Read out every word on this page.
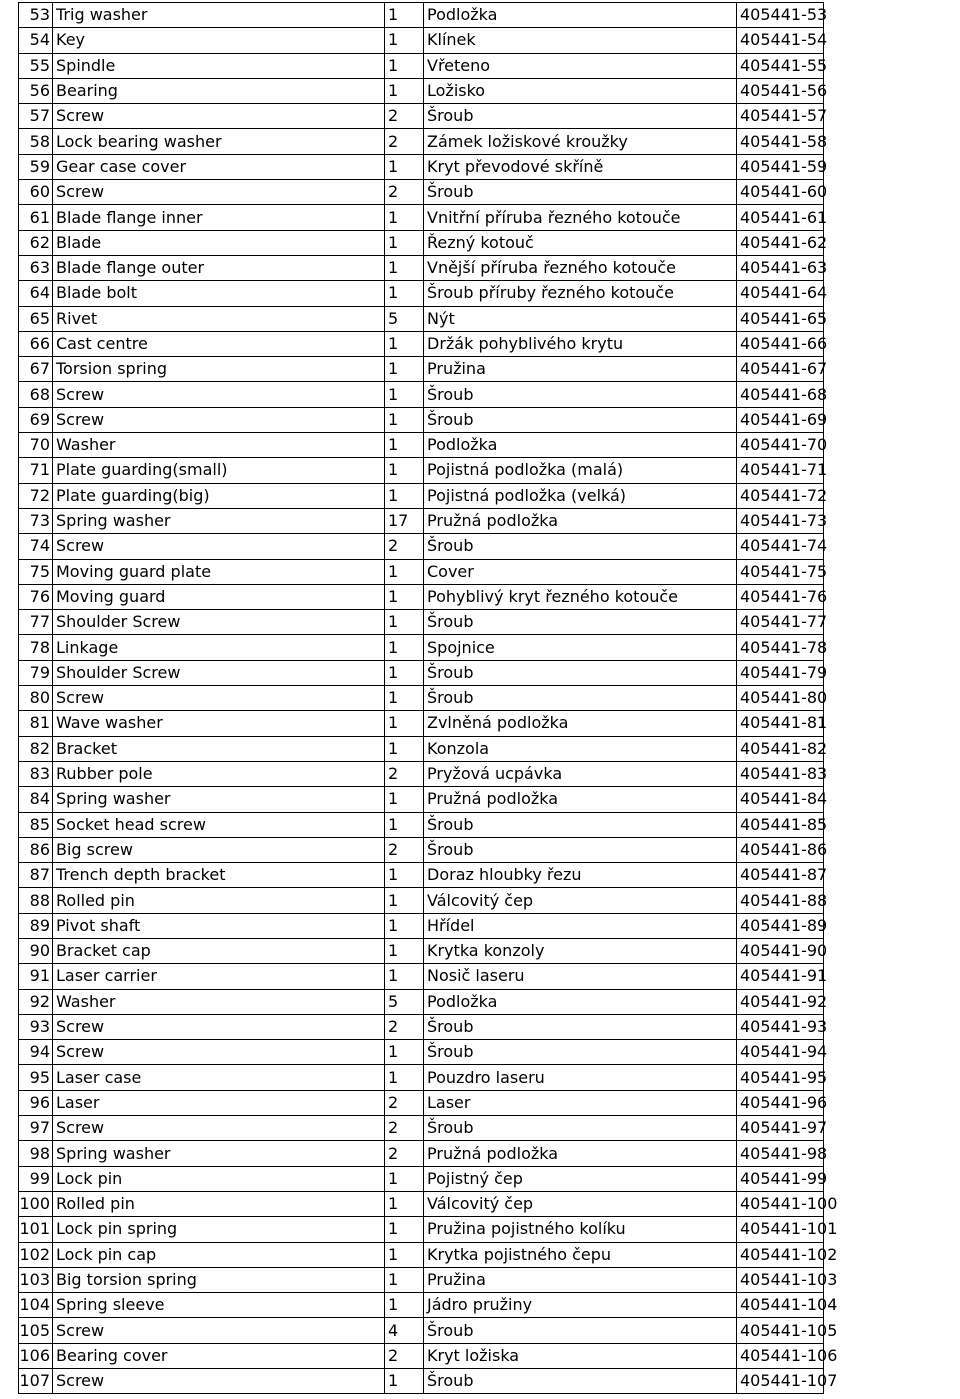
53	Trig washer	1	Podložka	405441-53
54	Key	1	Klínek	405441-54
55	Spindle	1	Vřeteno	405441-55
56	Bearing	1	Ložisko	405441-56
57	Screw	2	Šroub	405441-57
58	Lock bearing washer	2	Zámek ložiskové kroužky	405441-58
59	Gear case cover	1	Kryt převodové skříně	405441-59
60	Screw	2	Šroub	405441-60
61	Blade flange inner	1	Vnitřní příruba řezného kotouče	405441-61
62	Blade	1	Řezný kotouč	405441-62
63	Blade flange outer	1	Vnější příruba řezného kotouče	405441-63
64	Blade bolt	1	Šroub příruby řezného kotouče	405441-64
65	Rivet	5	Nýt	405441-65
66	Cast centre	1	Držák pohyblivého krytu	405441-66
67	Torsion spring	1	Pružina	405441-67
68	Screw	1	Šroub	405441-68
69	Screw	1	Šroub	405441-69
70	Washer	1	Podložka	405441-70
71	Plate guarding(small)	1	Pojistná podložka (malá)	405441-71
72	Plate guarding(big)	1	Pojistná podložka (velká)	405441-72
73	Spring washer	17	Pružná podložka	405441-73
74	Screw	2	Šroub	405441-74
75	Moving guard plate	1	Cover	405441-75
76	Moving guard	1	Pohyblivý kryt řezného kotouče	405441-76
77	Shoulder Screw	1	Šroub	405441-77
78	Linkage	1	Spojnice	405441-78
79	Shoulder Screw	1	Šroub	405441-79
80	Screw	1	Šroub	405441-80
81	Wave washer	1	Zvlněná podložka	405441-81
82	Bracket	1	Konzola	405441-82
83	Rubber pole	2	Pryžová ucpávka	405441-83
84	Spring washer	1	Pružná podložka	405441-84
85	Socket head screw	1	Šroub	405441-85
86	Big screw	2	Šroub	405441-86
87	Trench depth bracket	1	Doraz hloubky řezu	405441-87
88	Rolled pin	1	Válcovitý čep	405441-88
89	Pivot shaft	1	Hřídel	405441-89
90	Bracket cap	1	Krytka konzoly	405441-90
91	Laser carrier	1	Nosič laseru	405441-91
92	Washer	5	Podložka	405441-92
93	Screw	2	Šroub	405441-93
94	Screw	1	Šroub	405441-94
95	Laser case	1	Pouzdro laseru	405441-95
96	Laser	2	Laser	405441-96
97	Screw	2	Šroub	405441-97
98	Spring washer	2	Pružná podložka	405441-98
99	Lock pin	1	Pojistný čep	405441-99
100	Rolled pin	1	Válcovitý čep	405441-100
101	Lock pin spring	1	Pružina pojistného kolíku	405441-101
102	Lock pin cap	1	Krytka pojistného čepu	405441-102
103	Big torsion spring	1	Pružina	405441-103
104	Spring sleeve	1	Jádro pružiny	405441-104
105	Screw	4	Šroub	405441-105
106	Bearing cover	2	Kryt ložiska	405441-106
107	Screw	1	Šroub	405441-107
